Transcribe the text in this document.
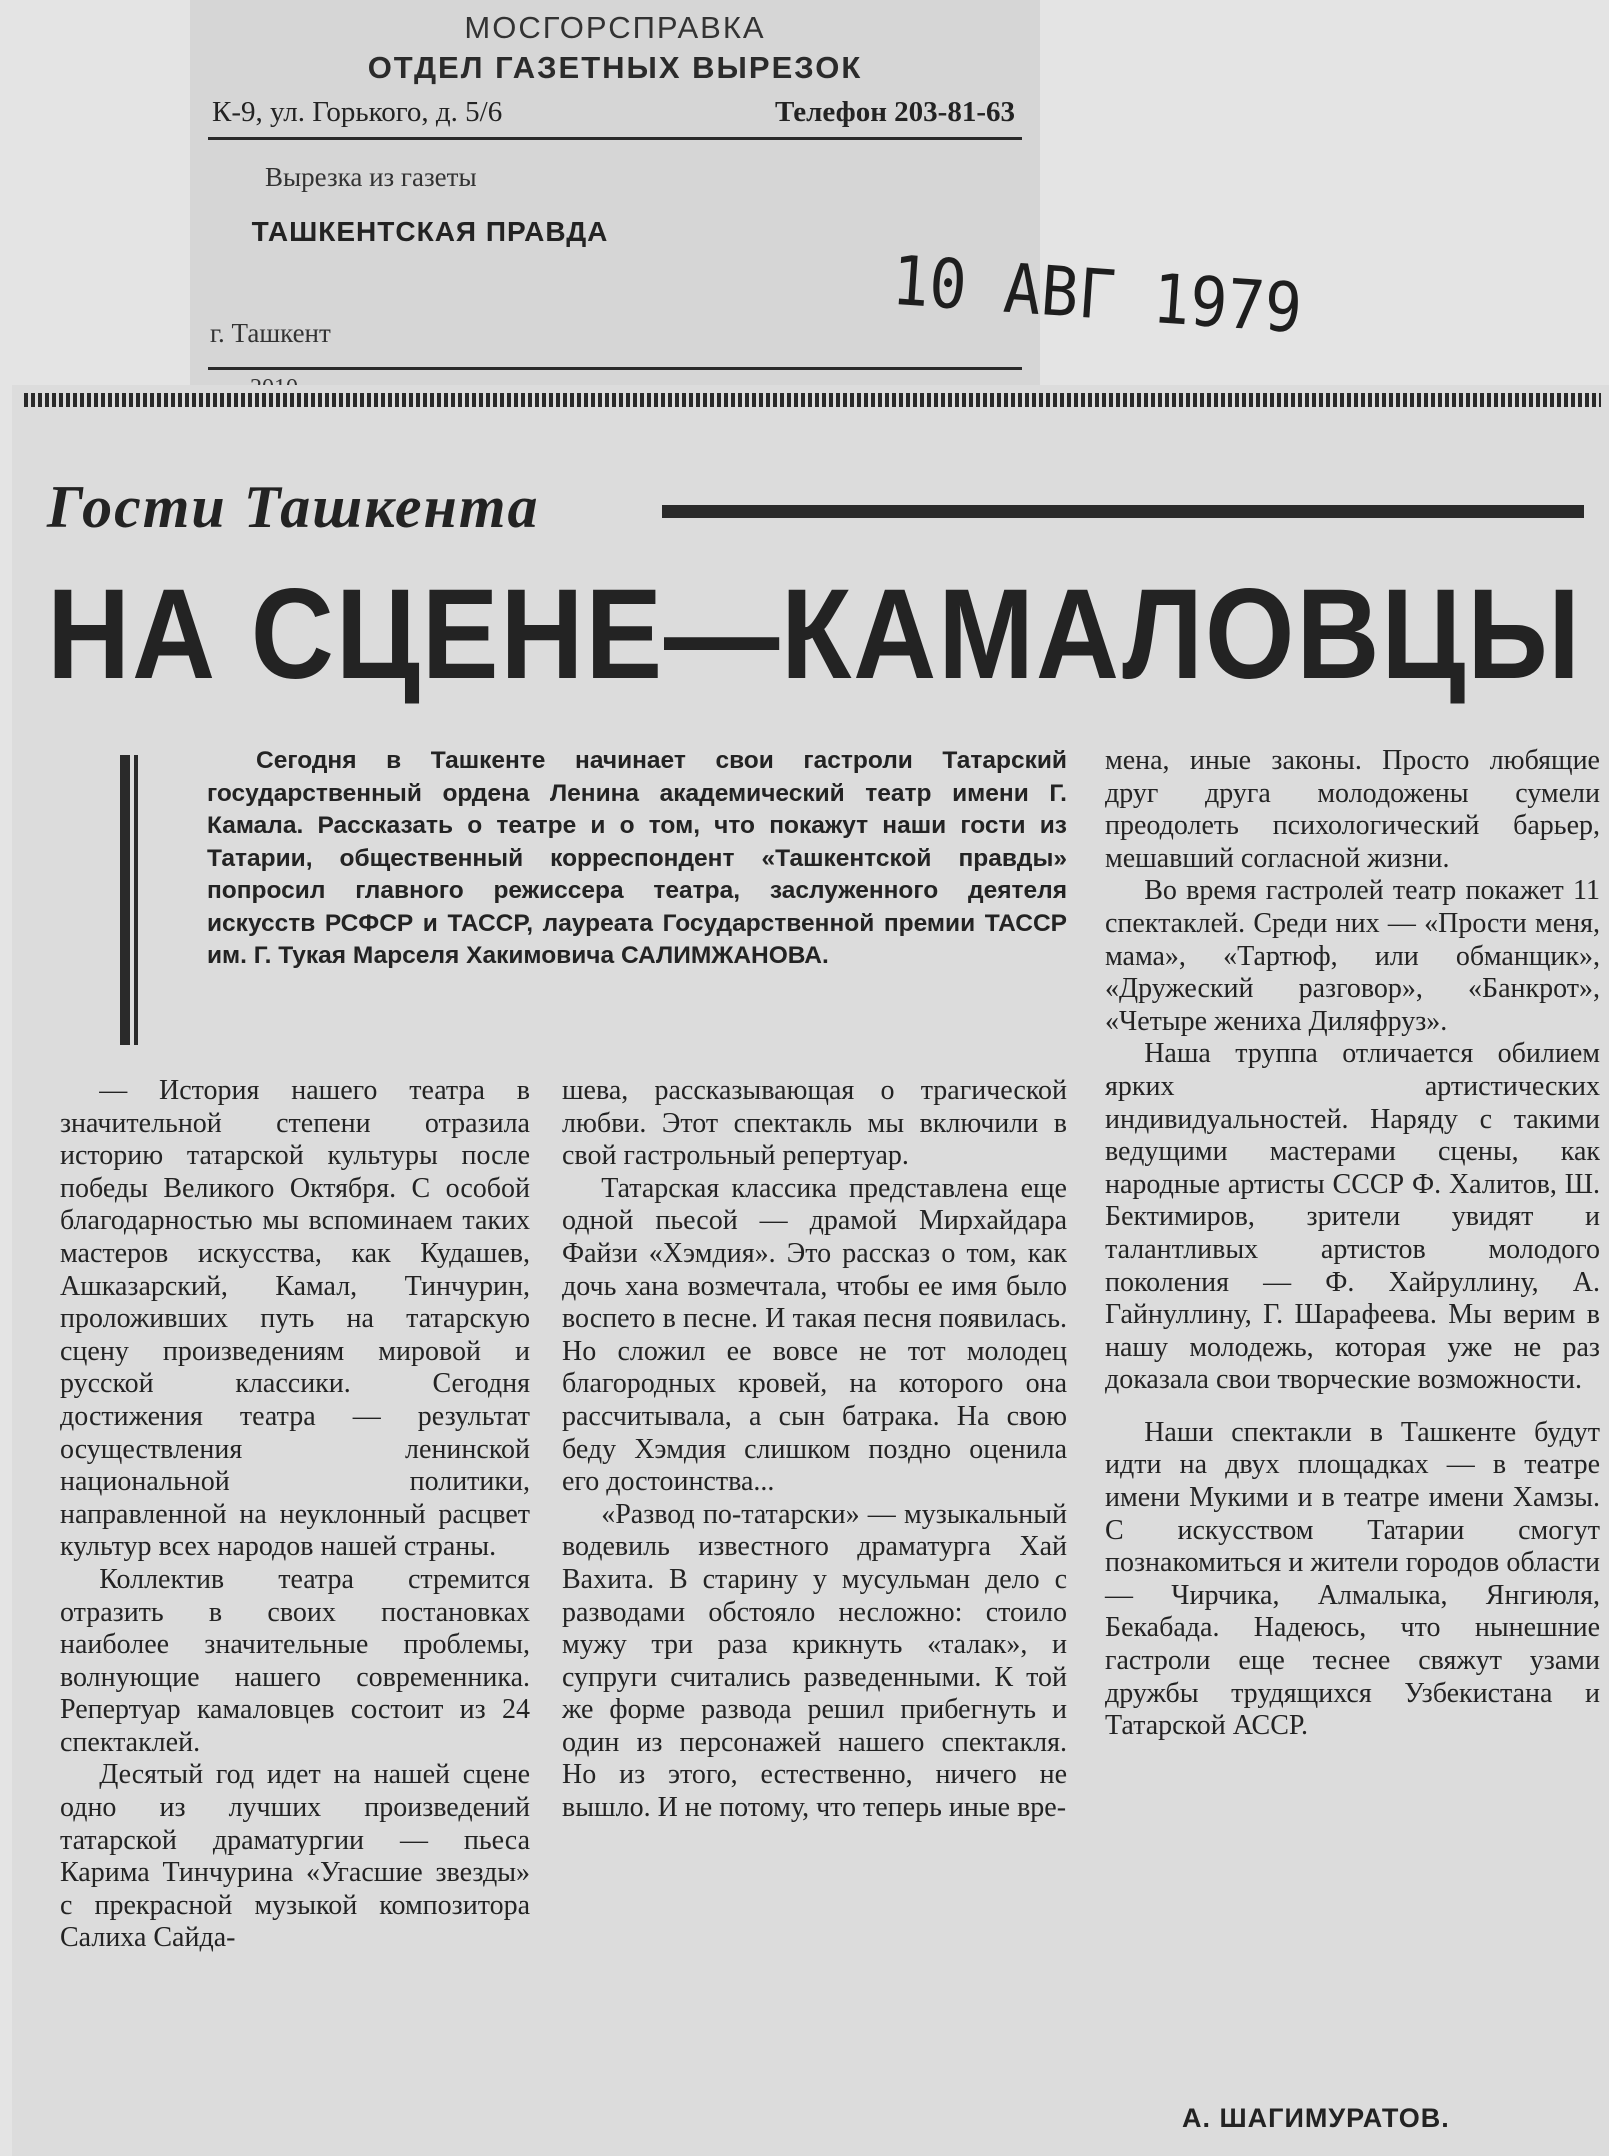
МОСГОРСПРАВКА
ОТДЕЛ ГАЗЕТНЫХ ВЫРЕЗОК
К-9, ул. Горького, д. 5/6	Телефон 203-81-63
Вырезка из газеты
ТАШКЕНТСКАЯ ПРАВДА
10 АВГ 1979
г. Ташкент
Гости Ташкента
НА СЦЕНЕ—КАМАЛОВЦЫ
Сегодня в Ташкенте начинает свои гастроли Татарский государственный ордена Ленина академический театр имени Г. Камала. Рассказать о театре и о том, что покажут наши гости из Татарии, общественный корреспондент «Ташкентской правды» попросил главного режиссера театра, заслуженного деятеля искусств РСФСР и ТАССР, лауреата Государственной премии ТАССР им. Г. Тукая Марселя Хакимовича САЛИМЖАНОВА.

— История нашего театра в значительной степени отразила историю татарской культуры после победы Великого Октября. С особой благодарностью мы вспоминаем таких мастеров искусства, как Кудашев, Ашказарский, Камал, Тинчурин, проложивших путь на татарскую сцену произведениям мировой и русской классики. Сегодня достижения театра — результат осуществления ленинской национальной политики, направленной на неуклонный расцвет культур всех народов нашей страны.

Коллектив театра стремится отразить в своих постановках наиболее значительные проблемы, волнующие нашего современника. Репертуар камаловцев состоит из 24 спектаклей.

Десятый год идет на нашей сцене одно из лучших произведений татарской драматургии — пьеса Карима Тинчурина «Угасшие звезды» с прекрасной музыкой композитора Салиха Сайда-

шева, рассказывающая о трагической любви. Этот спектакль мы включили в свой гастрольный репертуар.

Татарская классика представлена еще одной пьесой — драмой Мирхайдара Файзи «Хэмдия». Это рассказ о том, как дочь хана возмечтала, чтобы ее имя было воспето в песне. И такая песня появилась. Но сложил ее вовсе не тот молодец благородных кровей, на которого она рассчитывала, а сын батрака. На свою беду Хэмдия слишком поздно оценила его достоинства...

«Развод по-татарски» — музыкальный водевиль известного драматурга Хай Вахита. В старину у мусульман дело с разводами обстояло несложно: стоило мужу три раза крикнуть «талак», и супруги считались разведенными. К той же форме развода решил прибегнуть и один из персонажей нашего спектакля. Но из этого, естественно, ничего не вышло. И не потому, что теперь иные вре-

мена, иные законы. Просто любящие друг друга молодожены сумели преодолеть психологический барьер, мешавший согласной жизни.

Во время гастролей театр покажет 11 спектаклей. Среди них — «Прости меня, мама», «Тартюф, или обманщик», «Дружеский разговор», «Банкрот», «Четыре жениха Диляфруз».

Наша труппа отличается обилием ярких артистических индивидуальностей. Наряду с такими ведущими мастерами сцены, как народные артисты СССР Ф. Халитов, Ш. Бектимиров, зрители увидят и талантливых артистов молодого поколения — Ф. Хайруллину, А. Гайнуллину, Г. Шарафеева. Мы верим в нашу молодежь, которая уже не раз доказала свои творческие возможности.

Наши спектакли в Ташкенте будут идти на двух площадках — в театре имени Мукими и в театре имени Хамзы. С искусством Татарии смогут познакомиться и жители городов области — Чирчика, Алмалыка, Янгиюля, Бекабада. Надеюсь, что нынешние гастроли еще теснее свяжут узами дружбы трудящихся Узбекистана и Татарской АССР.

А. ШАГИМУРАТОВ.
